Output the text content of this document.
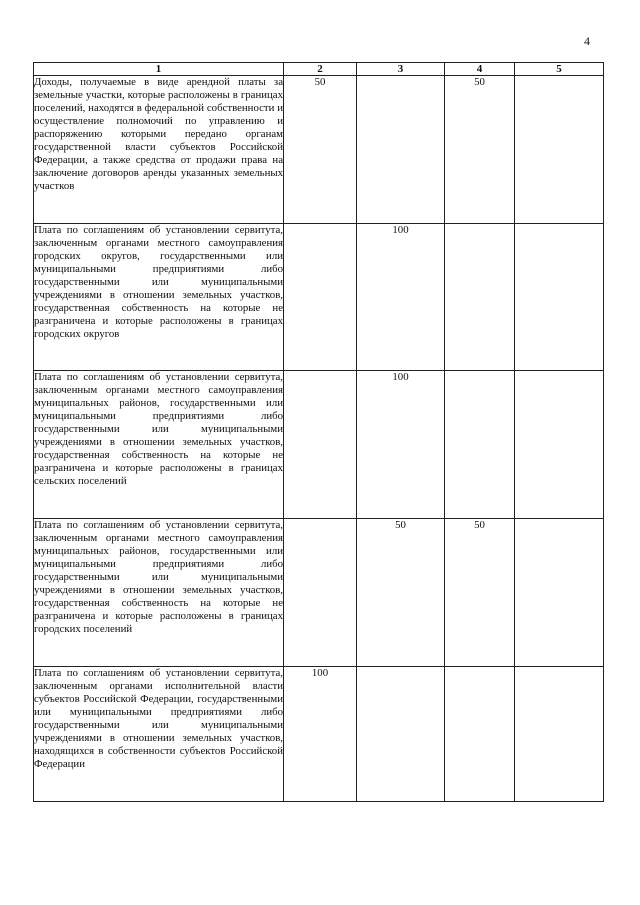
4
1	2	3	4	5
Доходы, получаемые в виде арендной платы за земельные участки, которые расположены в границах поселений, находятся в федеральной собственности и осуществление полномочий по управлению и распоряжению которыми передано органам государственной власти субъектов Российской Федерации, а также средства от продажи права на заключение договоров аренды указанных земельных участков	50		50	
Плата по соглашениям об установлении сервитута, заключенным органами местного самоуправления городских округов, государственными или муниципальными предприятиями либо государственными или муниципальными учреждениями в отношении земельных участков, государственная собственность на которые не разграничена и которые расположены в границах городских округов		100		
Плата по соглашениям об установлении сервитута, заключенным органами местного самоуправления муниципальных районов, государственными или муниципальными предприятиями либо государственными или муниципальными учреждениями в отношении земельных участков, государственная собственность на которые не разграничена и которые расположены в границах сельских поселений		100		
Плата по соглашениям об установлении сервитута, заключенным органами местного самоуправления муниципальных районов, государственными или муниципальными предприятиями либо государственными или муниципальными учреждениями в отношении земельных участков, государственная собственность на которые не разграничена и которые расположены в границах городских поселений		50	50	
Плата по соглашениям об установлении сервитута, заключенным органами исполнительной власти субъектов Российской Федерации, государственными или муниципальными предприятиями либо государственными или муниципальными учреждениями в отношении земельных участков, находящихся в собственности субъектов Российской Федерации	100			
